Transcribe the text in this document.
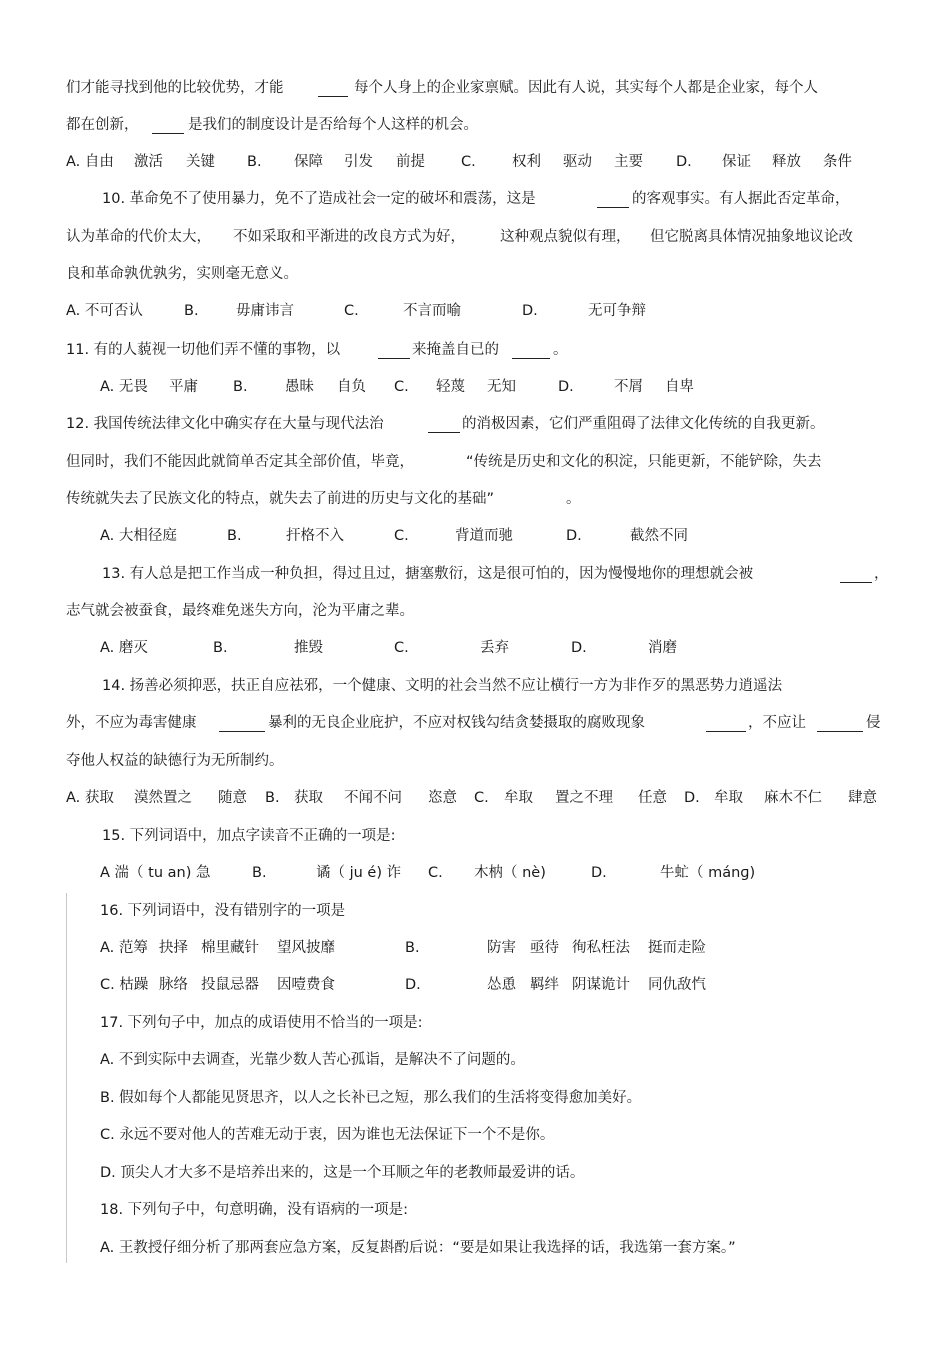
们才能寻找到他的比较优势，才能	每个人身上的企业家禀赋。因此有人说，其实每个人都是企业家，每个人
都在创新，	是我们的制度设计是否给每个人这样的机会。
A. 自由 激活 关键 B. 保障 引发 前提 C.	权利 驱动 主要 D. 保证 释放 条件
10. 革命免不了使用暴力，免不了造成社会一定的破坏和震荡，这是	的客观事实。有人据此否定革命，
认为革命的代价太大， 不如采取和平渐进的改良方式为好， 这种观点貌似有理， 但它脱离具体情况抽象地议论改
良和革命孰优孰劣，实则毫无意义。
A. 不可否认	B.	毋庸讳言	C.	不言而喻	D.	无可争辩
11. 有的人藐视一切他们弄不懂的事物，以	来掩盖自已的	。
A. 无畏 平庸 B.	愚昧 自负 C. 轻蔑 无知	D.	不屑 自卑
12. 我国传统法律文化中确实存在大量与现代法治	的消极因素，它们严重阻碍了法律文化传统的自我更新。
但同时，我们不能因此就简单否定其全部价值，毕竟，	“传统是历史和文化的积淀，只能更新，不能铲除，失去
传统就失去了民族文化的特点，就失去了前进的历史与文化的基础”	。
A. 大相径庭	B.	扞格不入	C.	背道而驰	D.	截然不同
13. 有人总是把工作当成一种负担，得过且过，搪塞敷衍，这是很可怕的，因为慢慢地你的理想就会被	，
志气就会被蚕食，最终难免迷失方向，沦为平庸之辈。
A. 磨灭	B.	推毁	C.	丢弃	D.	消磨
14. 扬善必须抑恶，扶正自应祛邪，一个健康、文明的社会当然不应让横行一方为非作歹的黑恶势力逍遥法
外，不应为毒害健康	暴利的无良企业庇护，不应对权钱勾结贪婪摄取的腐败现象	，不应让	侵
夺他人权益的缺德行为无所制约。
A. 获取 漠然置之 随意 B. 获取 不闻不问 恣意 C. 牟取 置之不理 任意 D. 牟取 麻木不仁 肆意
15. 下列词语中，加点字读音不正确的一项是:
A 湍（ tu an) 急	B.	谲（ ju é) 诈 C. 木枘（ nè)	D.	牛虻（ mánɡ)
16. 下列词语中，没有错别字的一项是
A. 范筹 抉择 棉里藏针 望风披靡	B.	防害 亟待 徇私枉法 挺而走险
C. 枯躁 脉络 投鼠忌器 因噎费食	D.	怂恿 羁绊 阴谋诡计 同仇敌忾
17. 下列句子中，加点的成语使用不恰当的一项是:
A. 不到实际中去调查，光靠少数人苦心孤诣，是解决不了问题的。
B. 假如每个人都能见贤思齐，以人之长补已之短，那么我们的生活将变得愈加美好。
C. 永远不要对他人的苦难无动于衷，因为谁也无法保证下一个不是你。
D. 顶尖人才大多不是培养出来的，这是一个耳顺之年的老教师最爱讲的话。
18. 下列句子中，句意明确，没有语病的一项是:
A. 王教授仔细分析了那两套应急方案，反复斟酌后说：“要是如果让我选择的话，我选第一套方案。”
